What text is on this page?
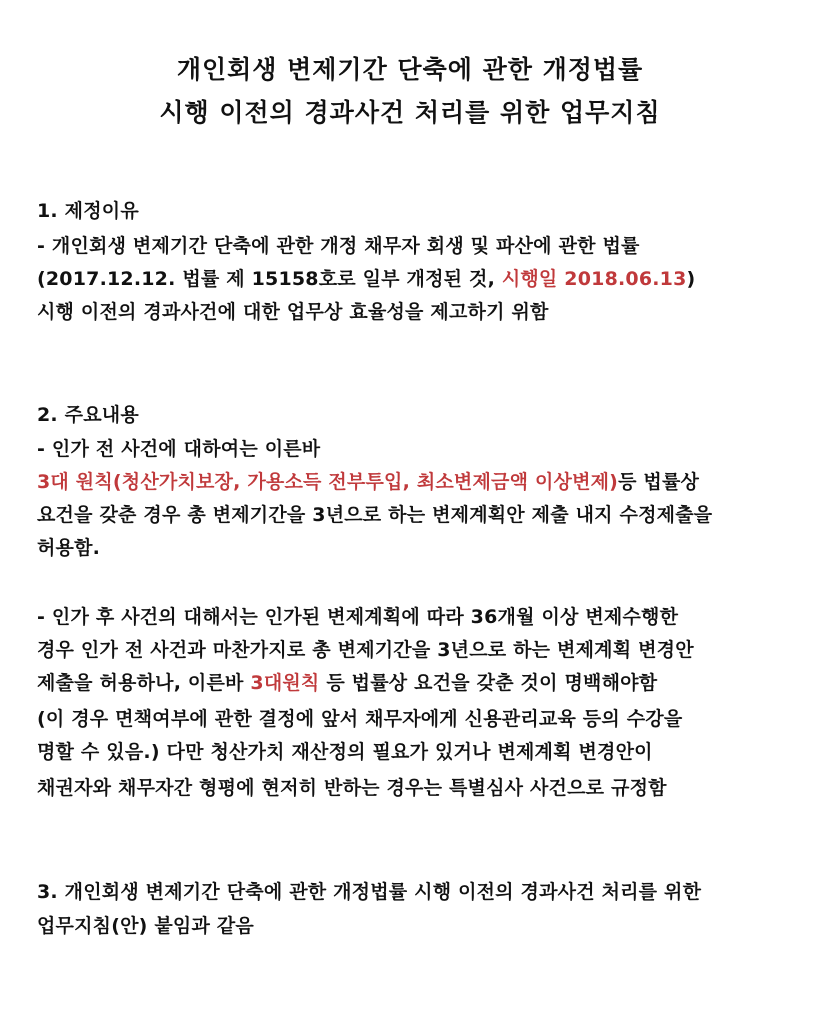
개인회생 변제기간 단축에 관한 개정법률
시행 이전의 경과사건 처리를 위한 업무지침
1. 제정이유
- 개인회생 변제기간 단축에 관한 개정 채무자 회생 및 파산에 관한 법률
(2017.12.12. 법률 제 15158호로 일부 개정된 것, 시행일 2018.06.13)
시행 이전의 경과사건에 대한 업무상 효율성을 제고하기 위함
2. 주요내용
- 인가 전 사건에 대하여는 이른바
3대 원칙(청산가치보장, 가용소득 전부투입, 최소변제금액 이상변제)등 법률상
요건을 갖춘 경우 총 변제기간을 3년으로 하는 변제계획안 제출 내지 수정제출을
허용함.
- 인가 후 사건의 대해서는 인가된 변제계획에 따라 36개월 이상 변제수행한
경우 인가 전 사건과 마찬가지로 총 변제기간을 3년으로 하는 변제계획 변경안
제출을 허용하나, 이른바 3대원칙 등 법률상 요건을 갖춘 것이 명백해야함
(이 경우 면책여부에 관한 결정에 앞서 채무자에게 신용관리교육 등의 수강을
명할 수 있음.) 다만 청산가치 재산정의 필요가 있거나 변제계획 변경안이
채권자와 채무자간 형평에 현저히 반하는 경우는 특별심사 사건으로 규정함
3. 개인회생 변제기간 단축에 관한 개정법률 시행 이전의 경과사건 처리를 위한
업무지침(안) 붙임과 같음
